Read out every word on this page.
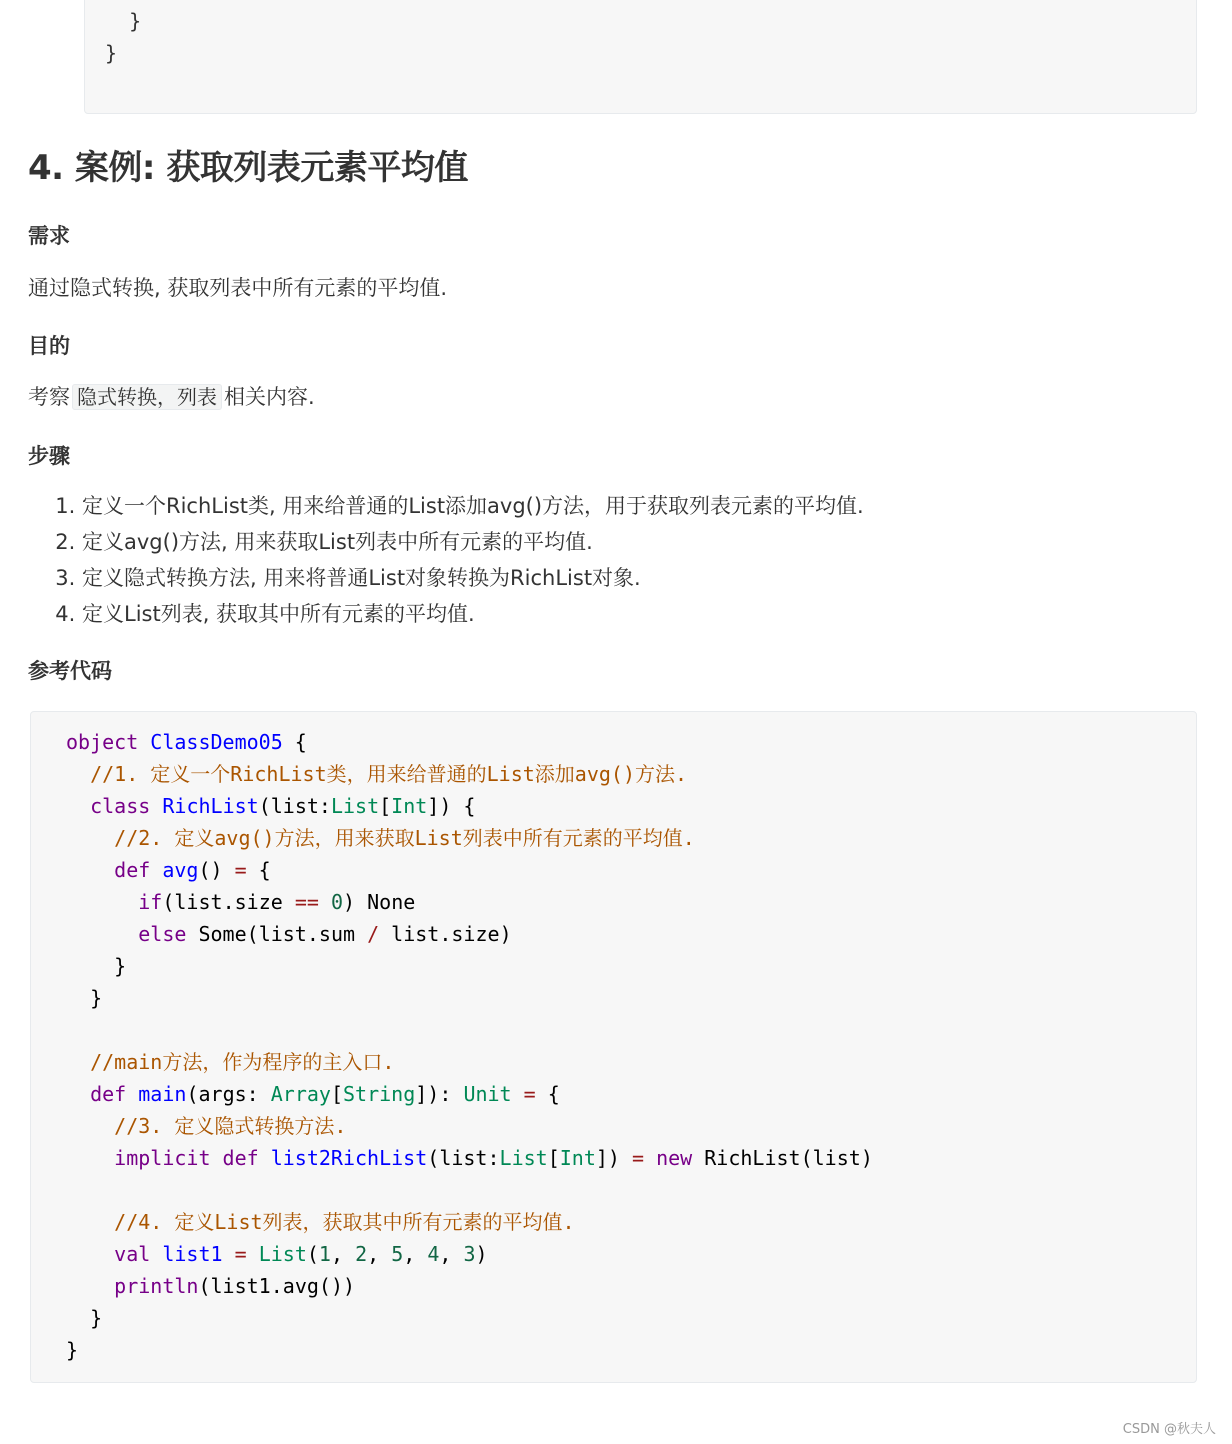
}
}
4. 案例: 获取列表元素平均值
需求

通过隐式转换, 获取列表中所有元素的平均值.

目的

考察 隐式转换，列表 相关内容.

步骤
1. 定义一个RichList类, 用来给普通的List添加avg()方法，用于获取列表元素的平均值.
2. 定义avg()方法, 用来获取List列表中所有元素的平均值.
3. 定义隐式转换方法, 用来将普通List对象转换为RichList对象.
4. 定义List列表, 获取其中所有元素的平均值.
参考代码
object ClassDemo05 {
//1. 定义一个RichList类，用来给普通的List添加avg()方法.
class RichList(list:List[Int]) {
//2. 定义avg()方法，用来获取List列表中所有元素的平均值.
def avg() = {
if(list.size == 0) None
else Some(list.sum / list.size)
}
}

//main方法，作为程序的主入口.
def main(args: Array[String]): Unit = {
//3. 定义隐式转换方法.
implicit def list2RichList(list:List[Int]) = new RichList(list)

//4. 定义List列表，获取其中所有元素的平均值.
val list1 = List(1, 2, 5, 4, 3)
println(list1.avg())
}
}
CSDN @秋夫人
